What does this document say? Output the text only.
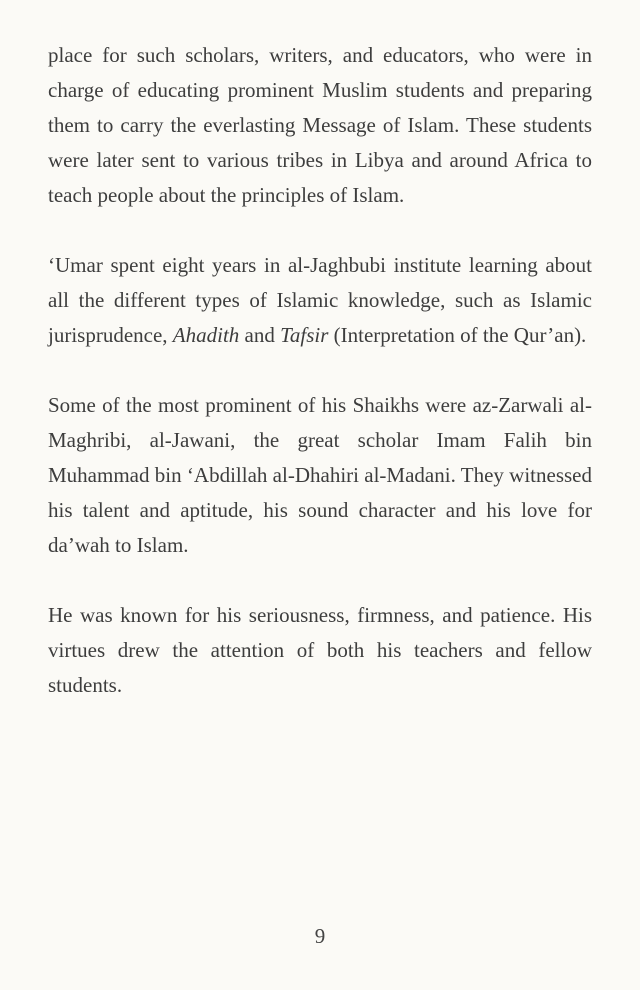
place for such scholars, writers, and educators, who were in charge of educating prominent Muslim students and preparing them to carry the everlasting Message of Islam. These students were later sent to various tribes in Libya and around Africa to teach people about the principles of Islam.

‘Umar spent eight years in al-Jaghbubi institute learning about all the different types of Islamic knowledge, such as Islamic jurisprudence, Ahadith and Tafsir (Interpretation of the Qur’an).

Some of the most prominent of his Shaikhs were az-Zarwali al-Maghribi, al-Jawani, the great scholar Imam Falih bin Muhammad bin ‘Abdillah al-Dhahiri al-Madani. They witnessed his talent and aptitude, his sound character and his love for da’wah to Islam.

He was known for his seriousness, firmness, and patience. His virtues drew the attention of both his teachers and fellow students.

9
